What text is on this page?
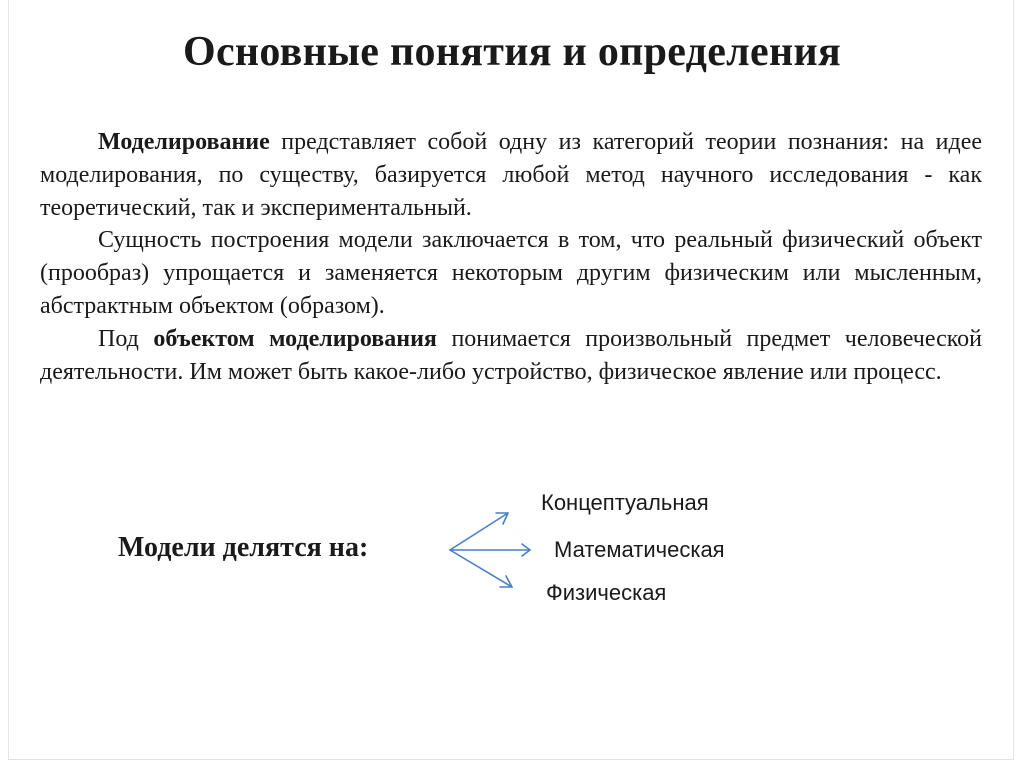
Основные понятия и определения

Моделирование представляет собой одну из категорий теории познания: на идее моделирования, по существу, базируется любой метод научного исследования - как теоретический, так и экспериментальный.

Сущность построения модели заключается в том, что реальный физический объект (прообраз) упрощается и заменяется некоторым другим физическим или мысленным, абстрактным объектом (образом).

Под объектом моделирования понимается произвольный предмет человеческой деятельности. Им может быть какое-либо устройство, физическое явление или процесс.

Модели делятся на:
Концептуальная
Математическая
Физическая
